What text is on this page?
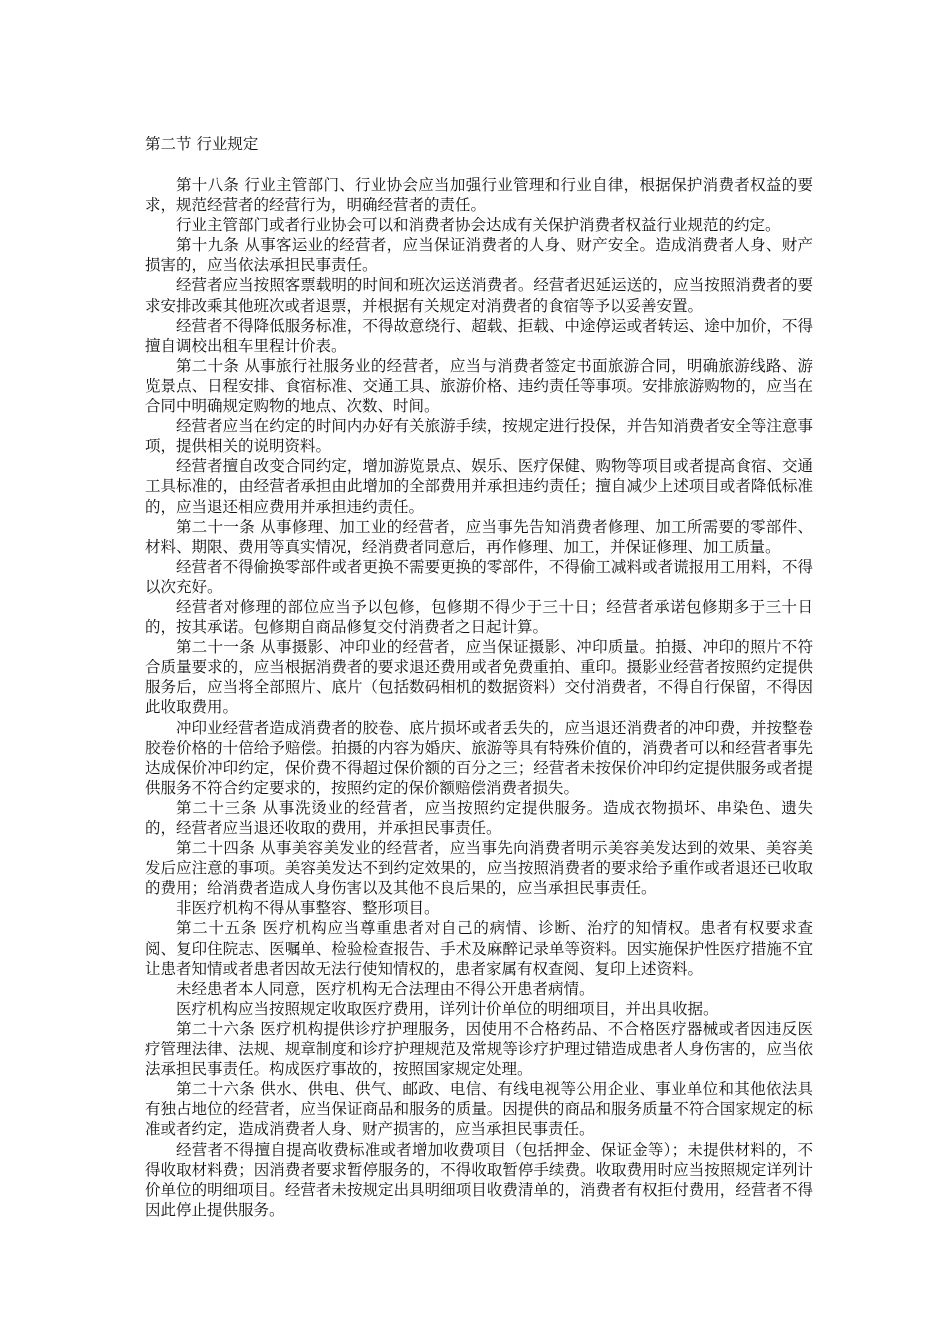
第二节 行业规定

第十八条 行业主管部门、行业协会应当加强行业管理和行业自律，根据保护消费者权益的要求，规范经营者的经营行为，明确经营者的责任。

行业主管部门或者行业协会可以和消费者协会达成有关保护消费者权益行业规范的约定。

第十九条 从事客运业的经营者，应当保证消费者的人身、财产安全。造成消费者人身、财产损害的，应当依法承担民事责任。

经营者应当按照客票载明的时间和班次运送消费者。经营者迟延运送的，应当按照消费者的要求安排改乘其他班次或者退票，并根据有关规定对消费者的食宿等予以妥善安置。

经营者不得降低服务标准，不得故意绕行、超载、拒载、中途停运或者转运、途中加价，不得擅自调校出租车里程计价表。

第二十条 从事旅行社服务业的经营者，应当与消费者签定书面旅游合同，明确旅游线路、游览景点、日程安排、食宿标准、交通工具、旅游价格、违约责任等事项。安排旅游购物的，应当在合同中明确规定购物的地点、次数、时间。

经营者应当在约定的时间内办好有关旅游手续，按规定进行投保，并告知消费者安全等注意事项，提供相关的说明资料。

经营者擅自改变合同约定，增加游览景点、娱乐、医疗保健、购物等项目或者提高食宿、交通工具标准的，由经营者承担由此增加的全部费用并承担违约责任；擅自减少上述项目或者降低标准的，应当退还相应费用并承担违约责任。

第二十一条 从事修理、加工业的经营者，应当事先告知消费者修理、加工所需要的零部件、材料、期限、费用等真实情况，经消费者同意后，再作修理、加工，并保证修理、加工质量。

经营者不得偷换零部件或者更换不需要更换的零部件，不得偷工减料或者谎报用工用料，不得以次充好。

经营者对修理的部位应当予以包修，包修期不得少于三十日；经营者承诺包修期多于三十日的，按其承诺。包修期自商品修复交付消费者之日起计算。

第二十一条 从事摄影、冲印业的经营者，应当保证摄影、冲印质量。拍摄、冲印的照片不符合质量要求的，应当根据消费者的要求退还费用或者免费重拍、重印。摄影业经营者按照约定提供服务后，应当将全部照片、底片（包括数码相机的数据资料）交付消费者，不得自行保留，不得因此收取费用。

冲印业经营者造成消费者的胶卷、底片损坏或者丢失的，应当退还消费者的冲印费，并按整卷胶卷价格的十倍给予赔偿。拍摄的内容为婚庆、旅游等具有特殊价值的，消费者可以和经营者事先达成保价冲印约定，保价费不得超过保价额的百分之三；经营者未按保价冲印约定提供服务或者提供服务不符合约定要求的，按照约定的保价额赔偿消费者损失。

第二十三条 从事洗烫业的经营者，应当按照约定提供服务。造成衣物损坏、串染色、遗失的，经营者应当退还收取的费用，并承担民事责任。

第二十四条 从事美容美发业的经营者，应当事先向消费者明示美容美发达到的效果、美容美发后应注意的事项。美容美发达不到约定效果的，应当按照消费者的要求给予重作或者退还已收取的费用；给消费者造成人身伤害以及其他不良后果的，应当承担民事责任。

非医疗机构不得从事整容、整形项目。

第二十五条 医疗机构应当尊重患者对自己的病情、诊断、治疗的知情权。患者有权要求查阅、复印住院志、医嘱单、检验检查报告、手术及麻醉记录单等资料。因实施保护性医疗措施不宜让患者知情或者患者因故无法行使知情权的，患者家属有权查阅、复印上述资料。

未经患者本人同意，医疗机构无合法理由不得公开患者病情。

医疗机构应当按照规定收取医疗费用，详列计价单位的明细项目，并出具收据。

第二十六条 医疗机构提供诊疗护理服务，因使用不合格药品、不合格医疗器械或者因违反医疗管理法律、法规、规章制度和诊疗护理规范及常规等诊疗护理过错造成患者人身伤害的，应当依法承担民事责任。构成医疗事故的，按照国家规定处理。

第二十六条 供水、供电、供气、邮政、电信、有线电视等公用企业、事业单位和其他依法具有独占地位的经营者，应当保证商品和服务的质量。因提供的商品和服务质量不符合国家规定的标准或者约定，造成消费者人身、财产损害的，应当承担民事责任。

经营者不得擅自提高收费标准或者增加收费项目（包括押金、保证金等）；未提供材料的，不得收取材料费；因消费者要求暂停服务的，不得收取暂停手续费。收取费用时应当按照规定详列计价单位的明细项目。经营者未按规定出具明细项目收费清单的，消费者有权拒付费用，经营者不得因此停止提供服务。
